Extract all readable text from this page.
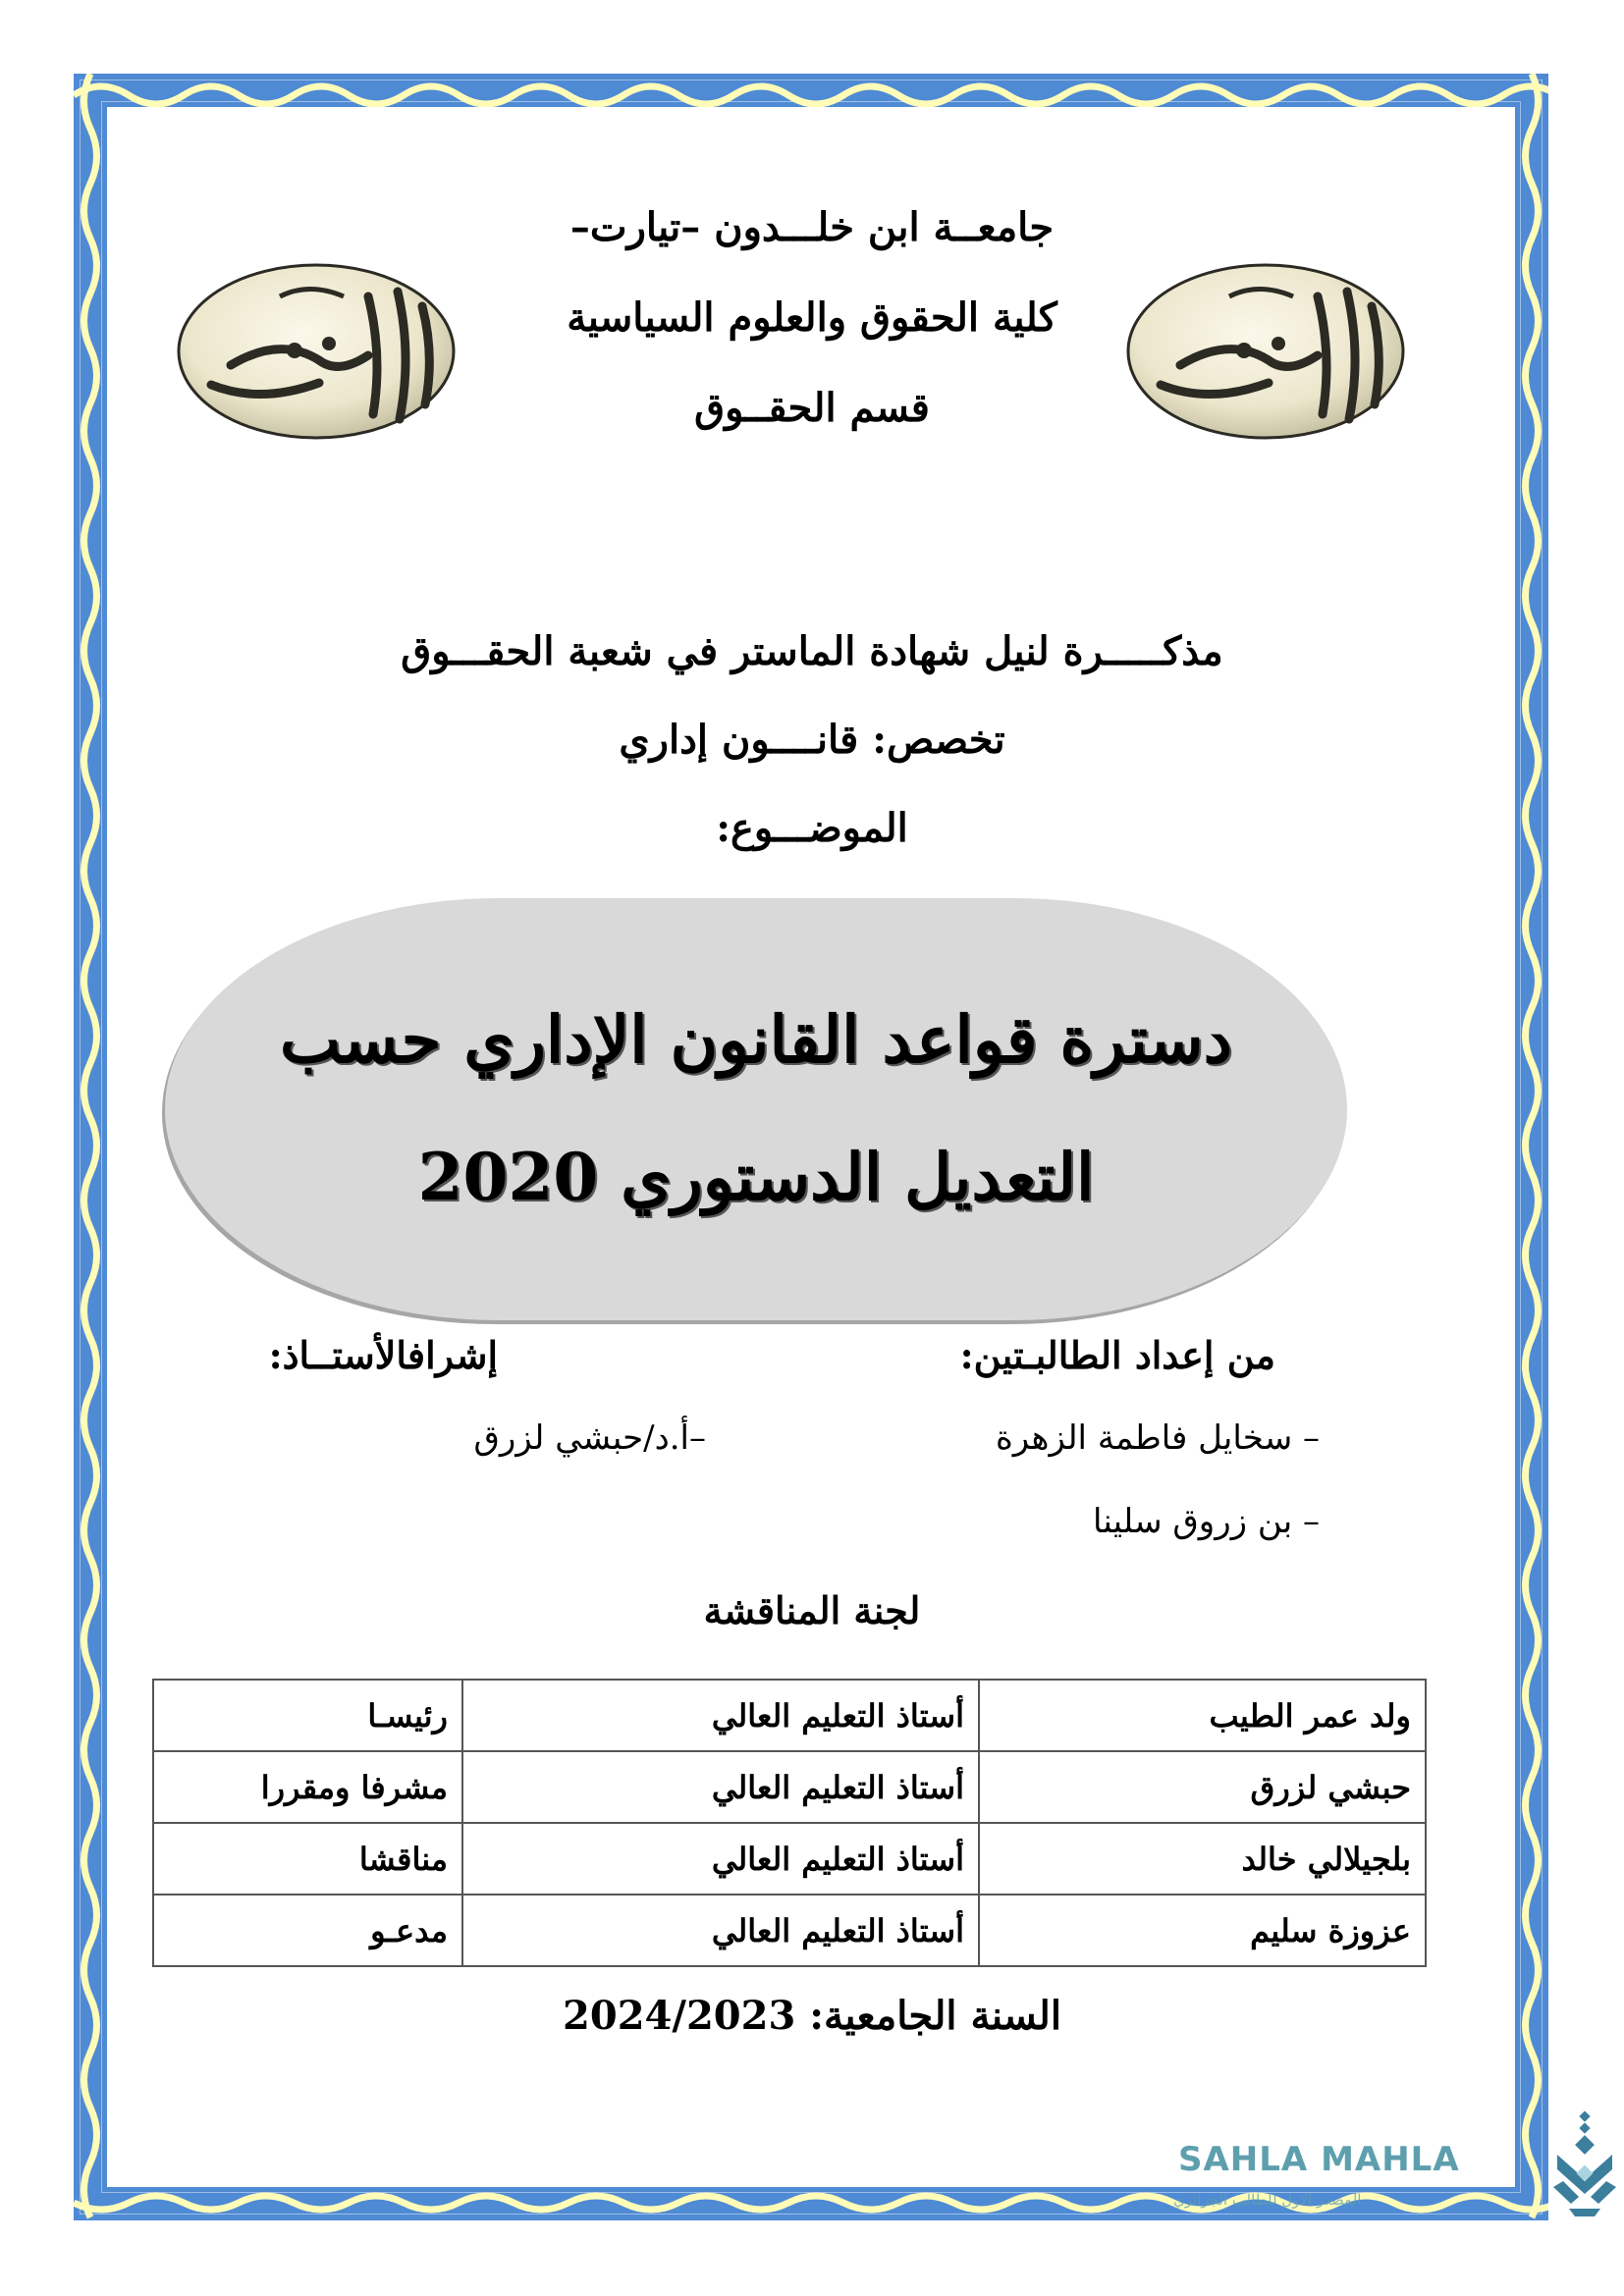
جامعــة ابن خلـــدون –تيارت–
كلية الحقوق والعلوم السياسية
قسم الحقــوق
مذكـــــرة لنيل شهادة الماستر في شعبة الحقـــوق
تخصص: قانــــون إداري
الموضـــوع:
دسترة قواعد القانون الإداري حسب
التعديل الدستوري 2020
من إعداد الطالبـتين:
إشرافالأستــاذ:
– سخايل فاطمة الزهرة
– بن زروق سلينا
–أ.د/حبشي لزرق
لجنة المناقشة
ولد عمر الطيب	أستاذ التعليم العالي	رئيسـا
حبشي لزرق	أستاذ التعليم العالي	مشرفا ومقررا
بلجيلالي خالد	أستاذ التعليم العالي	مناقشا
عزوزة سليم	أستاذ التعليم العالي	مدعـو
السنة الجامعية: 2024/2023
SAHLA MAHLA
المصدر الاول للطالب الجزائري
